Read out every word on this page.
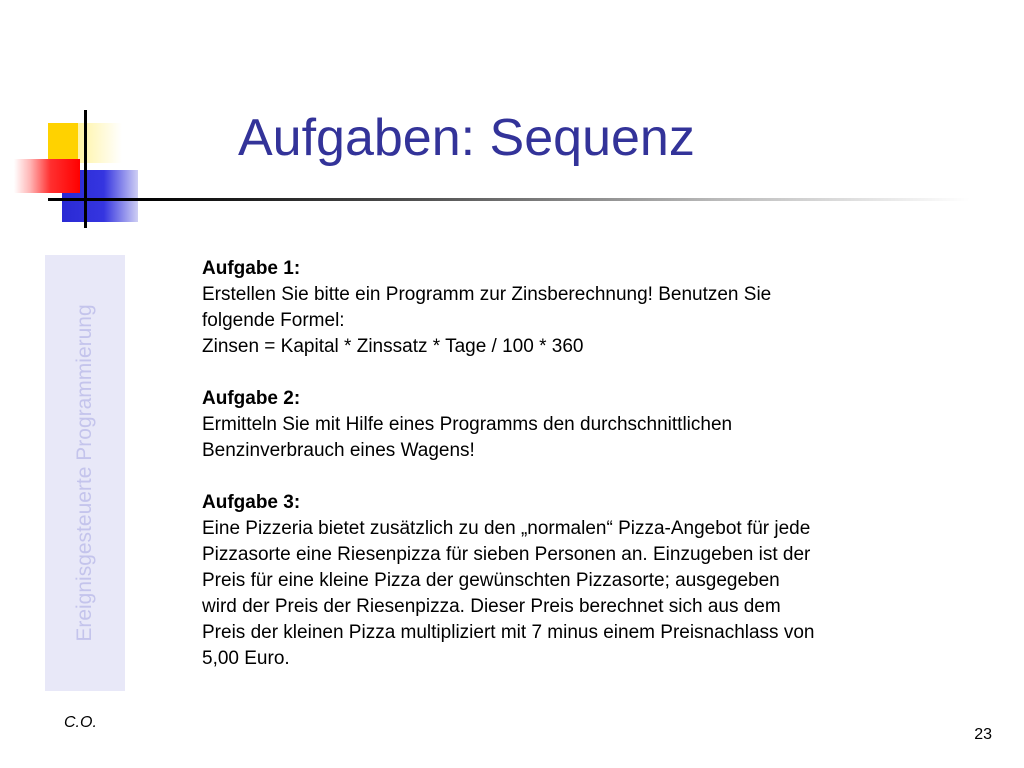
Aufgaben: Sequenz
Ereignisgesteuerte Programmierung

Aufgabe 1:
Erstellen Sie bitte ein Programm zur Zinsberechnung! Benutzen Sie
folgende Formel:
Zinsen = Kapital * Zinssatz * Tage / 100 * 360

Aufgabe 2:
Ermitteln Sie mit Hilfe eines Programms den durchschnittlichen
Benzinverbrauch eines Wagens!

Aufgabe 3:
Eine Pizzeria bietet zusätzlich zu den „normalen“ Pizza-Angebot für jede
Pizzasorte eine Riesenpizza für sieben Personen an. Einzugeben ist der
Preis für eine kleine Pizza der gewünschten Pizzasorte; ausgegeben
wird der Preis der Riesenpizza. Dieser Preis berechnet sich aus dem
Preis der kleinen Pizza multipliziert mit 7 minus einem Preisnachlass von
5,00 Euro.

C.O.
23
